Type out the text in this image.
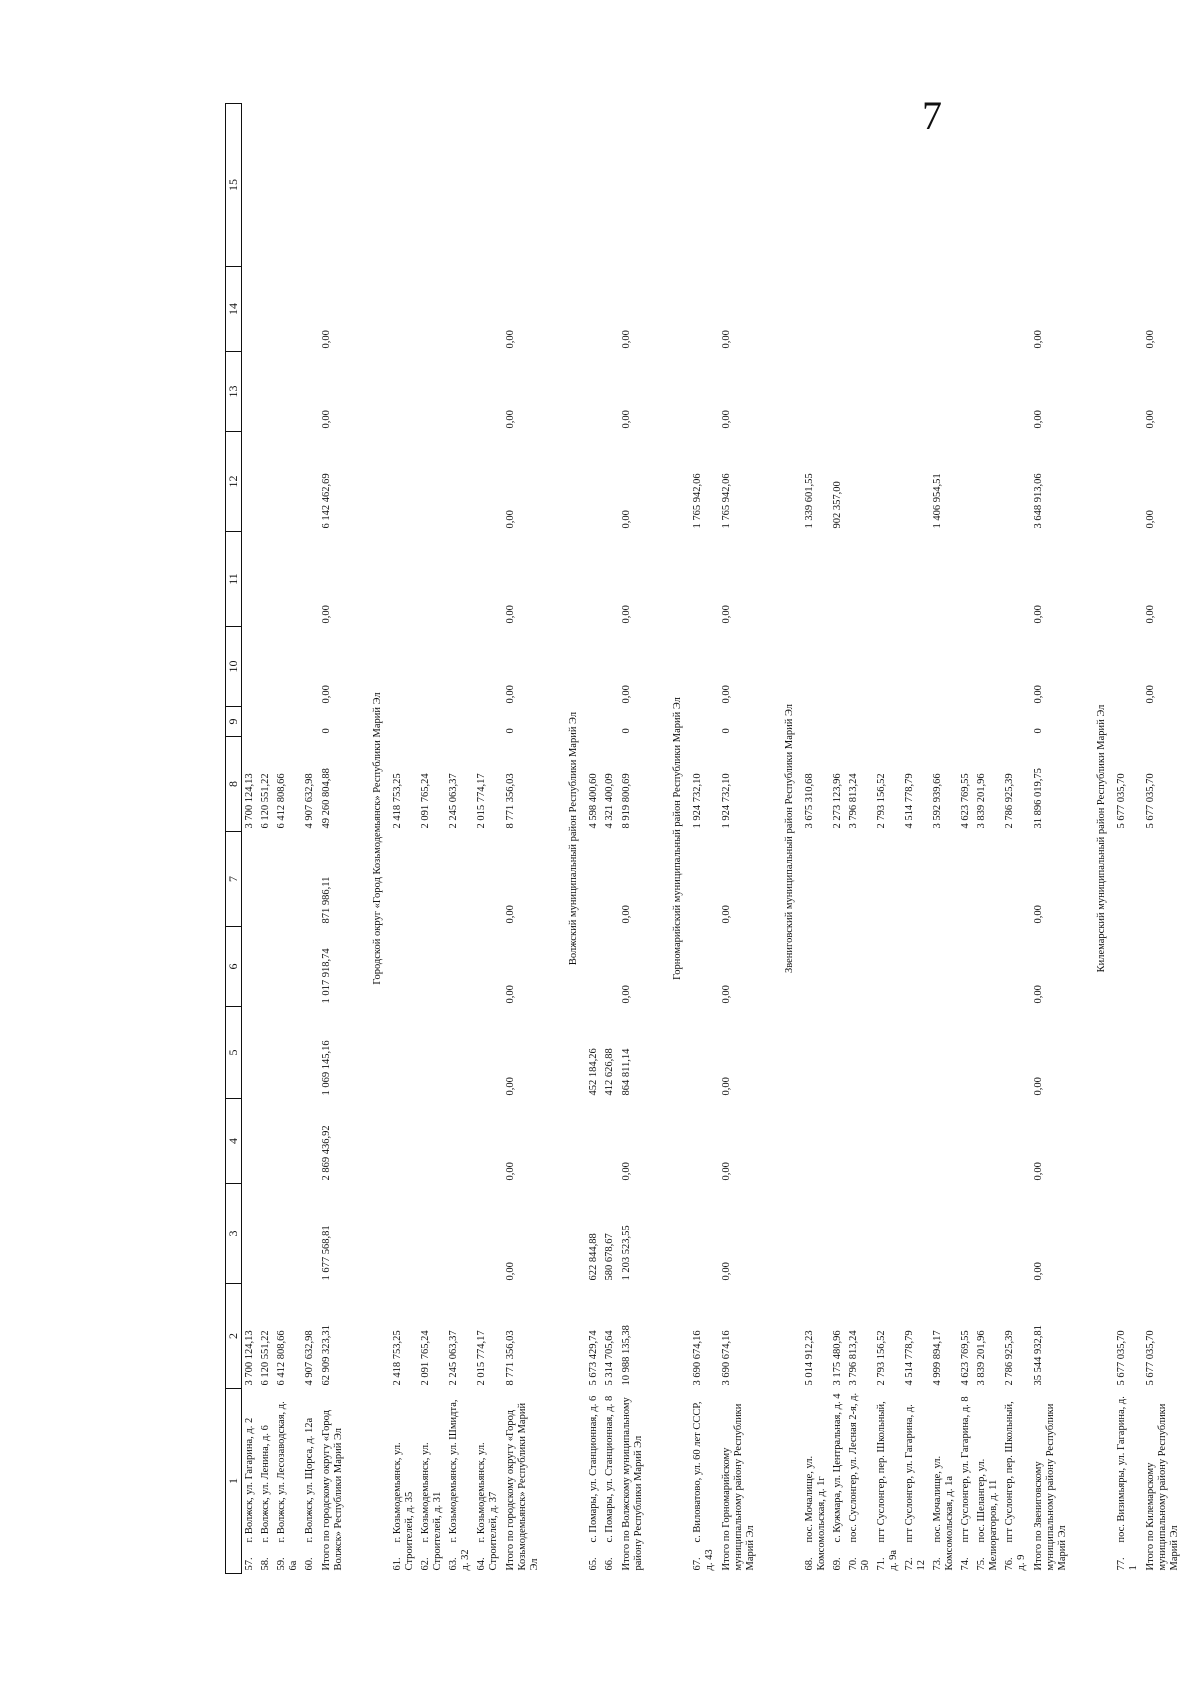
7
1	2	3	4	5	6	7	8	9	10	11	12	13	14	15
57.г. Волжск, ул. Гагарина, д. 2	3 700 124,13						3 700 124,13							
58.г. Волжск, ул. Ленина, д. 6	6 120 551,22						6 120 551,22							
59.г. Волжск, ул. Лесозаводская, д. 6а	6 412 808,66						6 412 808,66							
60.г. Волжск, ул. Щорса, д. 12а	4 907 632,98						4 907 632,98							
Итого по городскому округу «Город Волжск» Республики Марий Эл	62 909 323,31	1 677 568,81	2 869 436,92	1 069 145,16	1 017 918,74	871 986,11	49 260 804,88	0	0,00	0,00	6 142 462,69	0,00	0,00	

Городской округ «Город Козьмодемьянск» Республики Марий Эл														
61.г. Козьмодемьянск, ул. Строителей, д. 35	2 418 753,25						2 418 753,25							
62.г. Козьмодемьянск, ул. Строителей, д. 31	2 091 765,24						2 091 765,24							
63.г. Козьмодемьянск, ул. Шмидта, д. 32	2 245 063,37						2 245 063,37							
64.г. Козьмодемьянск, ул. Строителей, д. 37	2 015 774,17						2 015 774,17							
Итого по городскому округу «Город Козьмодемьянск» Республики Марий Эл	8 771 356,03	0,00	0,00	0,00	0,00	0,00	8 771 356,03	0	0,00	0,00	0,00	0,00	0,00	

Волжский муниципальный район Республики Марий Эл														
65.с. Помары, ул. Станционная, д. 6	5 673 429,74	622 844,88		452 184,26			4 598 400,60							
66.с. Помары, ул. Станционная, д. 8	5 314 705,64	580 678,67		412 626,88			4 321 400,09							
Итого по Волжскому муниципальному району Республики Марий Эл	10 988 135,38	1 203 523,55	0,00	864 811,14	0,00	0,00	8 919 800,69	0	0,00	0,00	0,00	0,00	0,00	

Горномарийский муниципальный район Республики Марий Эл														
67.с. Виловатово, ул. 60 лет СССР, д. 43	3 690 674,16						1 924 732,10				1 765 942,06			
Итого по Горномарийскому муниципальному району Республики Марий Эл	3 690 674,16	0,00	0,00	0,00	0,00	0,00	1 924 732,10	0	0,00	0,00	1 765 942,06	0,00	0,00	

Звениговский муниципальный район Республики Марий Эл														
68.пос. Мочалище, ул. Комсомольская, д. 1г	5 014 912,23						3 675 310,68				1 339 601,55			
69.с. Кужмара, ул. Центральная, д. 4	3 175 480,96						2 273 123,96				902 357,00			
70.пос. Суслонгер, ул. Лесная 2-я, д. 50	3 796 813,24						3 796 813,24							
71.пгт Суслонгер, пер. Школьный, д. 9а	2 793 156,52						2 793 156,52							
72.пгт Суслонгер, ул. Гагарина, д. 12	4 514 778,79						4 514 778,79							
73.пос. Мочалище, ул. Комсомольская, д. 1а	4 999 894,17						3 592 939,66				1 406 954,51			
74.пгт Суслонгер, ул. Гагарина, д. 8	4 623 769,55						4 623 769,55							
75.пос. Шелангер, ул. Мелиораторов, д. 11	3 839 201,96						3 839 201,96							
76.пгт Суслонгер, пер. Школьный, д. 9	2 786 925,39						2 786 925,39							
Итого по Звениговскому муниципальному району Республики Марий Эл	35 544 932,81	0,00	0,00	0,00	0,00	0,00	31 896 019,75	0	0,00	0,00	3 648 913,06	0,00	0,00	

Килемарский муниципальный район Республики Марий Эл														
77.пос. Визимьяры, ул. Гагарина, д. 1	5 677 035,70						5 677 035,70							
Итого по Килемарскому муниципальному району Республики Марий Эл	5 677 035,70						5 677 035,70		0,00	0,00	0,00	0,00	0,00	
